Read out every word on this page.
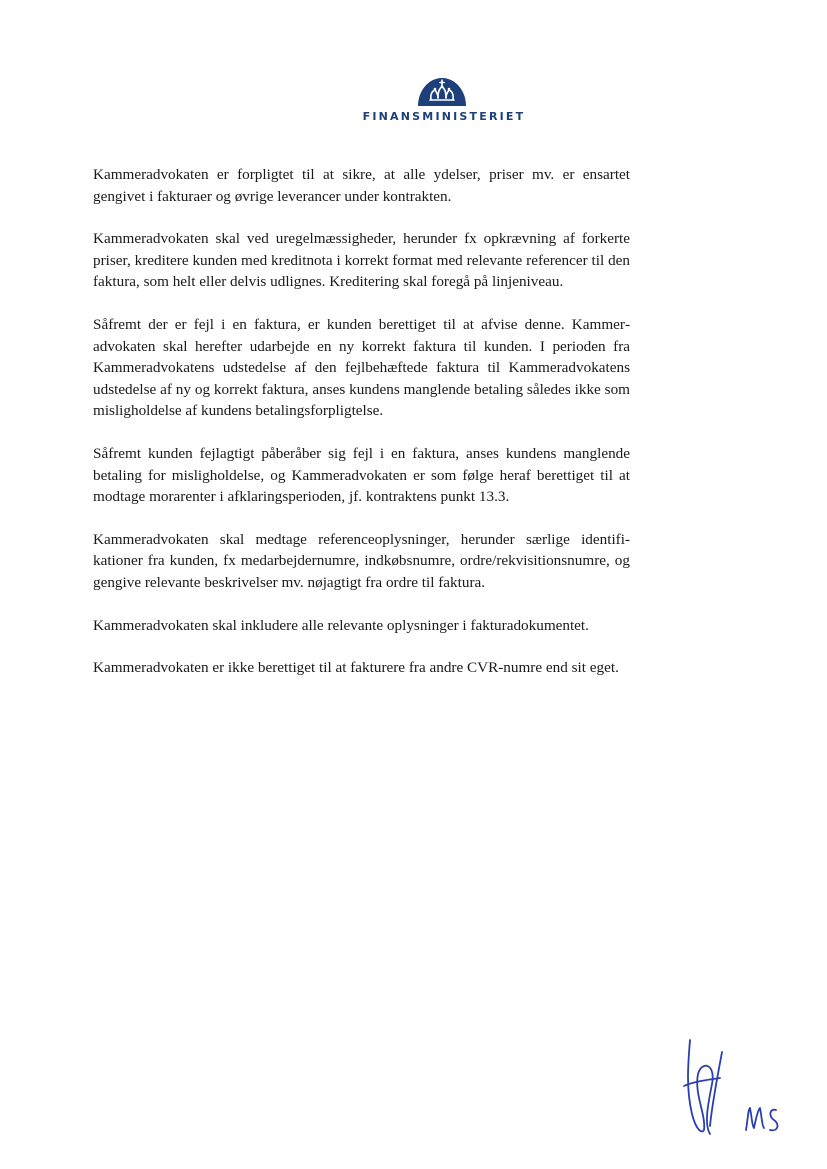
FINANSMINISTERIET

Kammeradvokaten er forpligtet til at sikre, at alle ydelser, priser mv. er ensartet gengivet i fakturaer og øvrige leverancer under kontrakten.

Kammeradvokaten skal ved uregelmæssigheder, herunder fx opkrævning af forkerte priser, kreditere kunden med kreditnota i korrekt format med relevante referencer til den faktura, som helt eller delvis udlignes. Kreditering skal foregå på linjeniveau.

Såfremt der er fejl i en faktura, er kunden berettiget til at afvise denne. Kammeradvokaten skal herefter udarbejde en ny korrekt faktura til kunden. I perioden fra Kammeradvokatens udstedelse af den fejlbehæftede faktura til Kammeradvokatens udstedelse af ny og korrekt faktura, anses kundens manglende betaling således ikke som misligholdelse af kundens betalingsforpligtelse.

Såfremt kunden fejlagtigt påberåber sig fejl i en faktura, anses kundens manglende betaling for misligholdelse, og Kammeradvokaten er som følge heraf berettiget til at modtage morarenter i afklaringsperioden, jf. kontraktens punkt 13.3.

Kammeradvokaten skal medtage referenceoplysninger, herunder særlige identifikationer fra kunden, fx medarbejdernumre, indkøbsnumre, ordre/rekvisitionsnumre, og gengive relevante beskrivelser mv. nøjagtigt fra ordre til faktura.

Kammeradvokaten skal inkludere alle relevante oplysninger i fakturadokumentet.

Kammeradvokaten er ikke berettiget til at fakturere fra andre CVR-numre end sit eget.
